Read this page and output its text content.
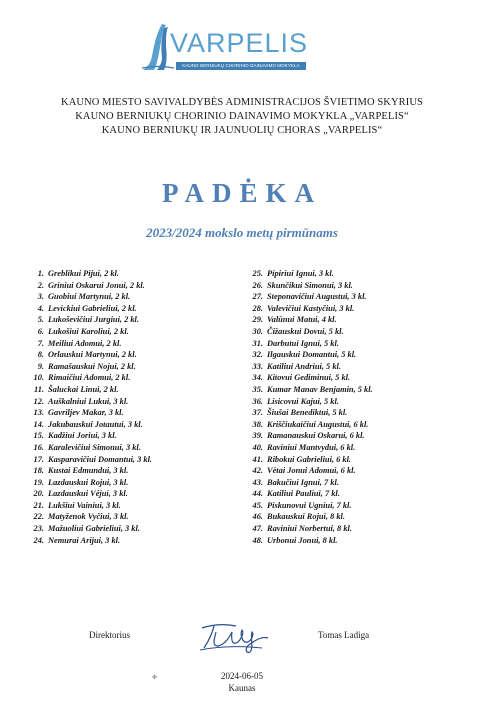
VARPELIS
KAUNO BERNIUKŲ CHORINIO DAINAVIMO MOKYKLA
KAUNO MIESTO SAVIVALDYBĖS ADMINISTRACIJOS ŠVIETIMO SKYRIUS
KAUNO BERNIUKŲ CHORINIO DAINAVIMO MOKYKLA „VARPELIS“
KAUNO BERNIUKŲ IR JAUNUOLIŲ CHORAS „VARPELIS“
PADĖKA
2023/2024 mokslo metų pirmūnams
1. Greblikui Pijui, 2 kl.
2. Griniui Oskarui Jonui, 2 kl.
3. Guobiui Martynui, 2 kl.
4. Levickiui Gabrieliui, 2 kl.
5. Lukoševičiui Jurgiui, 2 kl.
6. Lukošiui Karoliui, 2 kl.
7. Meiliui Adomui, 2 kl.
8. Orlauskui Martynui, 2 kl.
9. Ramašauskui Nojui, 2 kl.
10. Rimaičiui Adomui, 2 kl.
11. Šaluckai Linui, 2 kl.
12. Auškalniui Lukui, 3 kl.
13. Gavriljev Makar, 3 kl.
14. Jakubauskui Jotautui, 3 kl.
15. Kadžiui Joriui, 3 kl.
16. Karalevičiui Simonui, 3 kl.
17. Kasparavičiui Domantui, 3 kl.
18. Kustai Edmundui, 3 kl.
19. Lazdauskui Rojui, 3 kl.
20. Lazdauskui Vėjui, 3 kl.
21. Lukšiui Vainiui, 3 kl.
22. Matyženok Vyčiui, 3 kl.
23. Mažuoliui Gabrieliui, 3 kl.
24. Nemurai Arijui, 3 kl.
25. Pipiriui Ignui, 3 kl.
26. Skunčikui Simonui, 3 kl.
27. Steponavičiui Augustui, 3 kl.
28. Valevičiui Kastyčiui, 3 kl.
29. Valūnui Matui, 4 kl.
30. Čižauskui Dovui, 5 kl.
31. Darbutui Ignui, 5 kl.
32. Ilgauskui Domantui, 5 kl.
33. Katiliui Andriui, 5 kl.
34. Kitovui Gediminui, 5 kl.
35. Kumar Manav Benjamin, 5 kl.
36. Lisicovui Kajui, 5 kl.
37. Šiušai Benediktui, 5 kl.
38. Kriščiukaičiui Augustui, 6 kl.
39. Ramanauskui Oskarui, 6 kl.
40. Raviniui Mantvydui, 6 kl.
41. Ribokui Gabrieliui, 6 kl.
42. Vėtai Jonui Adomui, 6 kl.
43. Bakučiui Ignui, 7 kl.
44. Katiliui Pauliui, 7 kl.
45. Piskunovui Ugniui, 7 kl.
46. Bukauskui Rojui, 8 kl.
47. Raviniui Norbertui, 8 kl.
48. Urbonui Jonui, 8 kl.
Direktorius	Tomas Ladiga
✤	2024-06-05
Kaunas
